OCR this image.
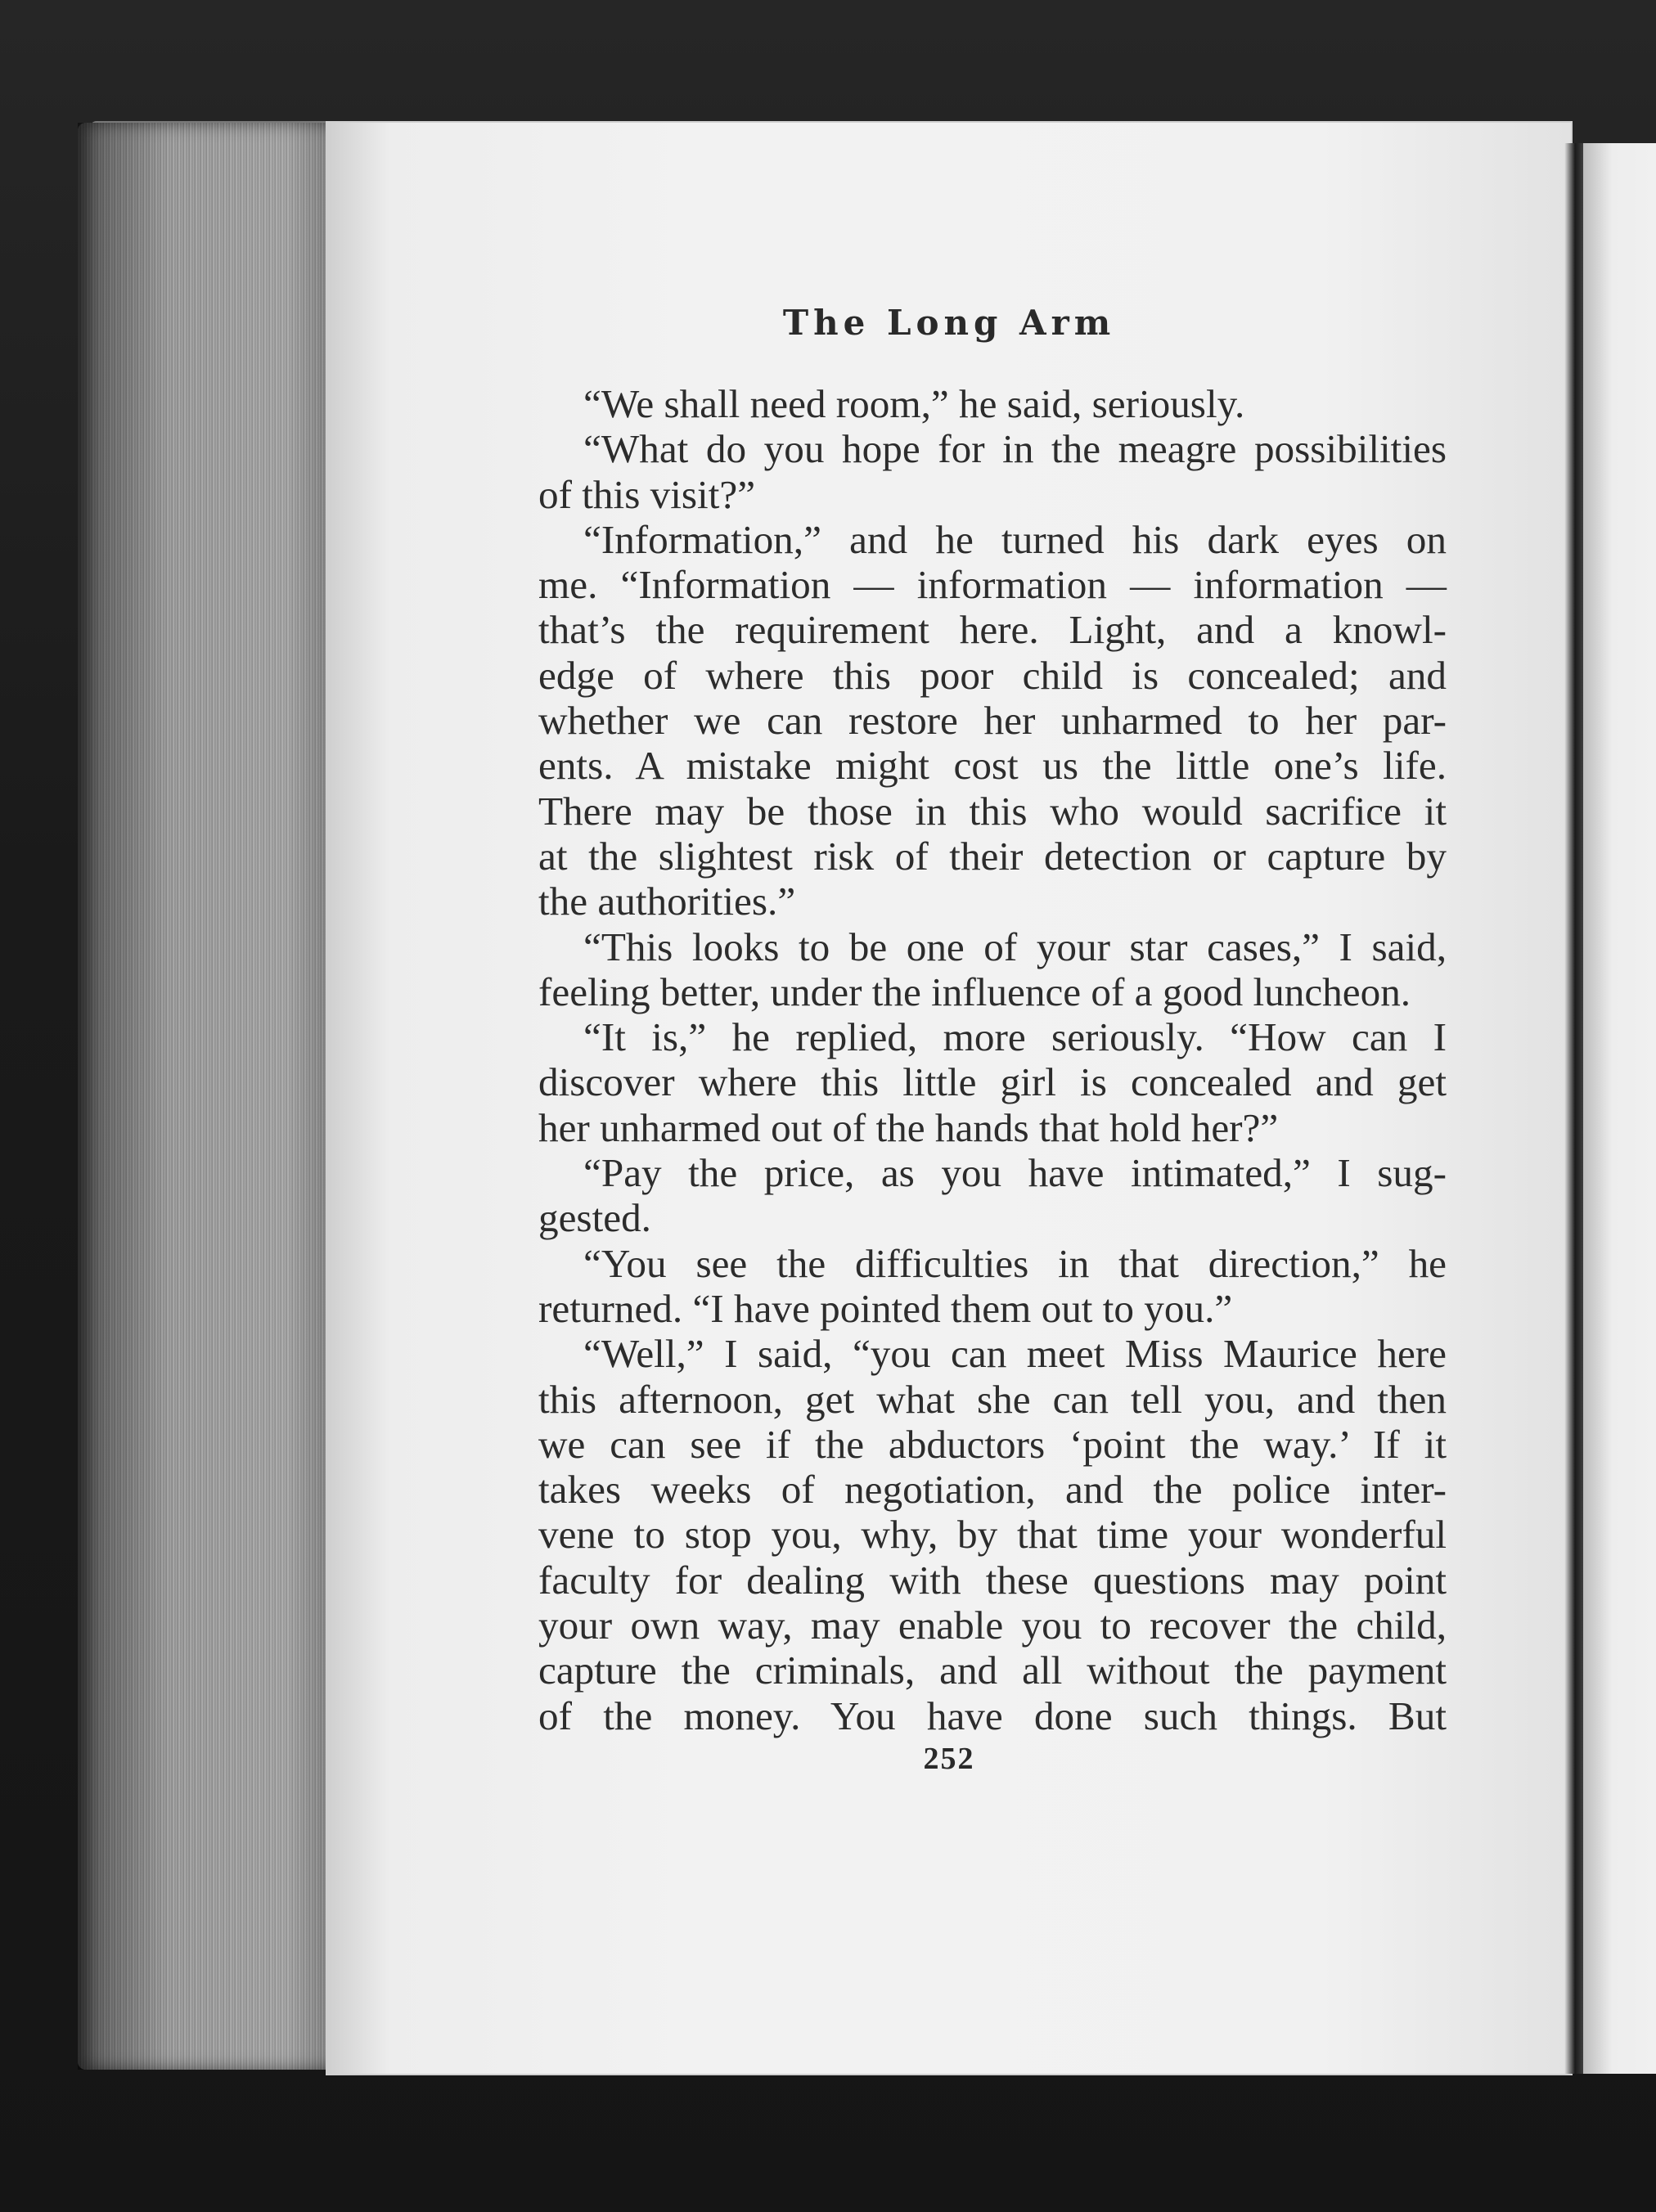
The Long Arm
“We shall need room,” he said, seriously.
“What do you hope for in the meagre possibilities
of this visit?”
“Information,” and he turned his dark eyes on
me. “Information — information — information —
that’s the requirement here. Light, and a knowl-
edge of where this poor child is concealed; and
whether we can restore her unharmed to her par-
ents. A mistake might cost us the little one’s life.
There may be those in this who would sacrifice it
at the slightest risk of their detection or capture by
the authorities.”
“This looks to be one of your star cases,” I said,
feeling better, under the influence of a good luncheon.
“It is,” he replied, more seriously. “How can I
discover where this little girl is concealed and get
her unharmed out of the hands that hold her?”
“Pay the price, as you have intimated,” I sug-
gested.
“You see the difficulties in that direction,” he
returned. “I have pointed them out to you.”
“Well,” I said, “you can meet Miss Maurice here
this afternoon, get what she can tell you, and then
we can see if the abductors ‘point the way.’ If it
takes weeks of negotiation, and the police inter-
vene to stop you, why, by that time your wonderful
faculty for dealing with these questions may point
your own way, may enable you to recover the child,
capture the criminals, and all without the payment
of the money. You have done such things. But
252
